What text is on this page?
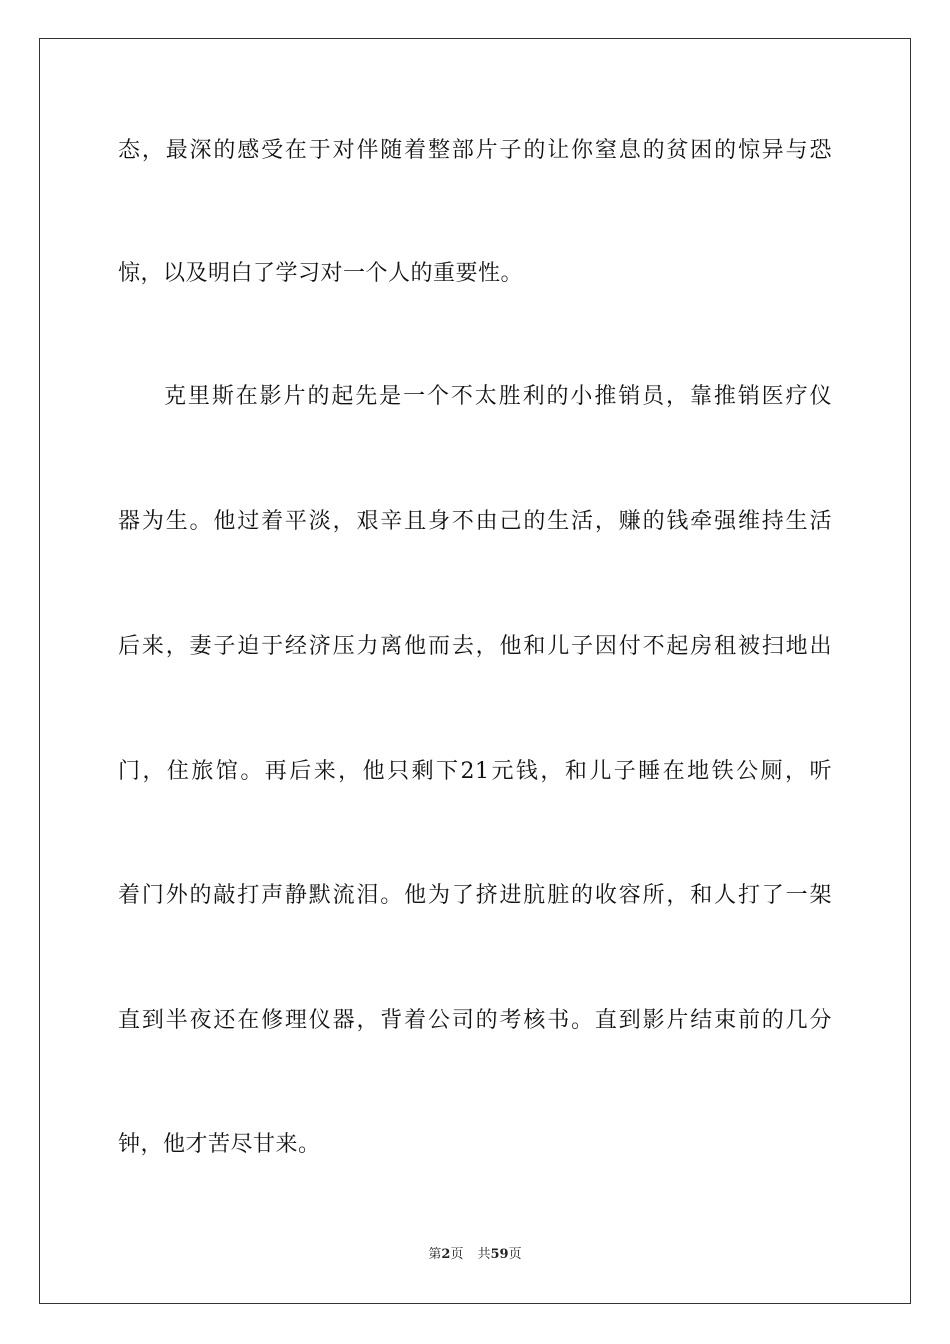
态，最深的感受在于对伴随着整部片子的让你窒息的贫困的惊异与恐
惊，以及明白了学习对一个人的重要性。
克里斯在影片的起先是一个不太胜利的小推销员，靠推销医疗仪
器为生。他过着平淡，艰辛且身不由己的生活，赚的钱牵强维持生活
后来，妻子迫于经济压力离他而去，他和儿子因付不起房租被扫地出
门，住旅馆。再后来，他只剩下21元钱，和儿子睡在地铁公厕，听
着门外的敲打声静默流泪。他为了挤进肮脏的收容所，和人打了一架
直到半夜还在修理仪器，背着公司的考核书。直到影片结束前的几分
钟，他才苦尽甘来。
第2页 共59页
